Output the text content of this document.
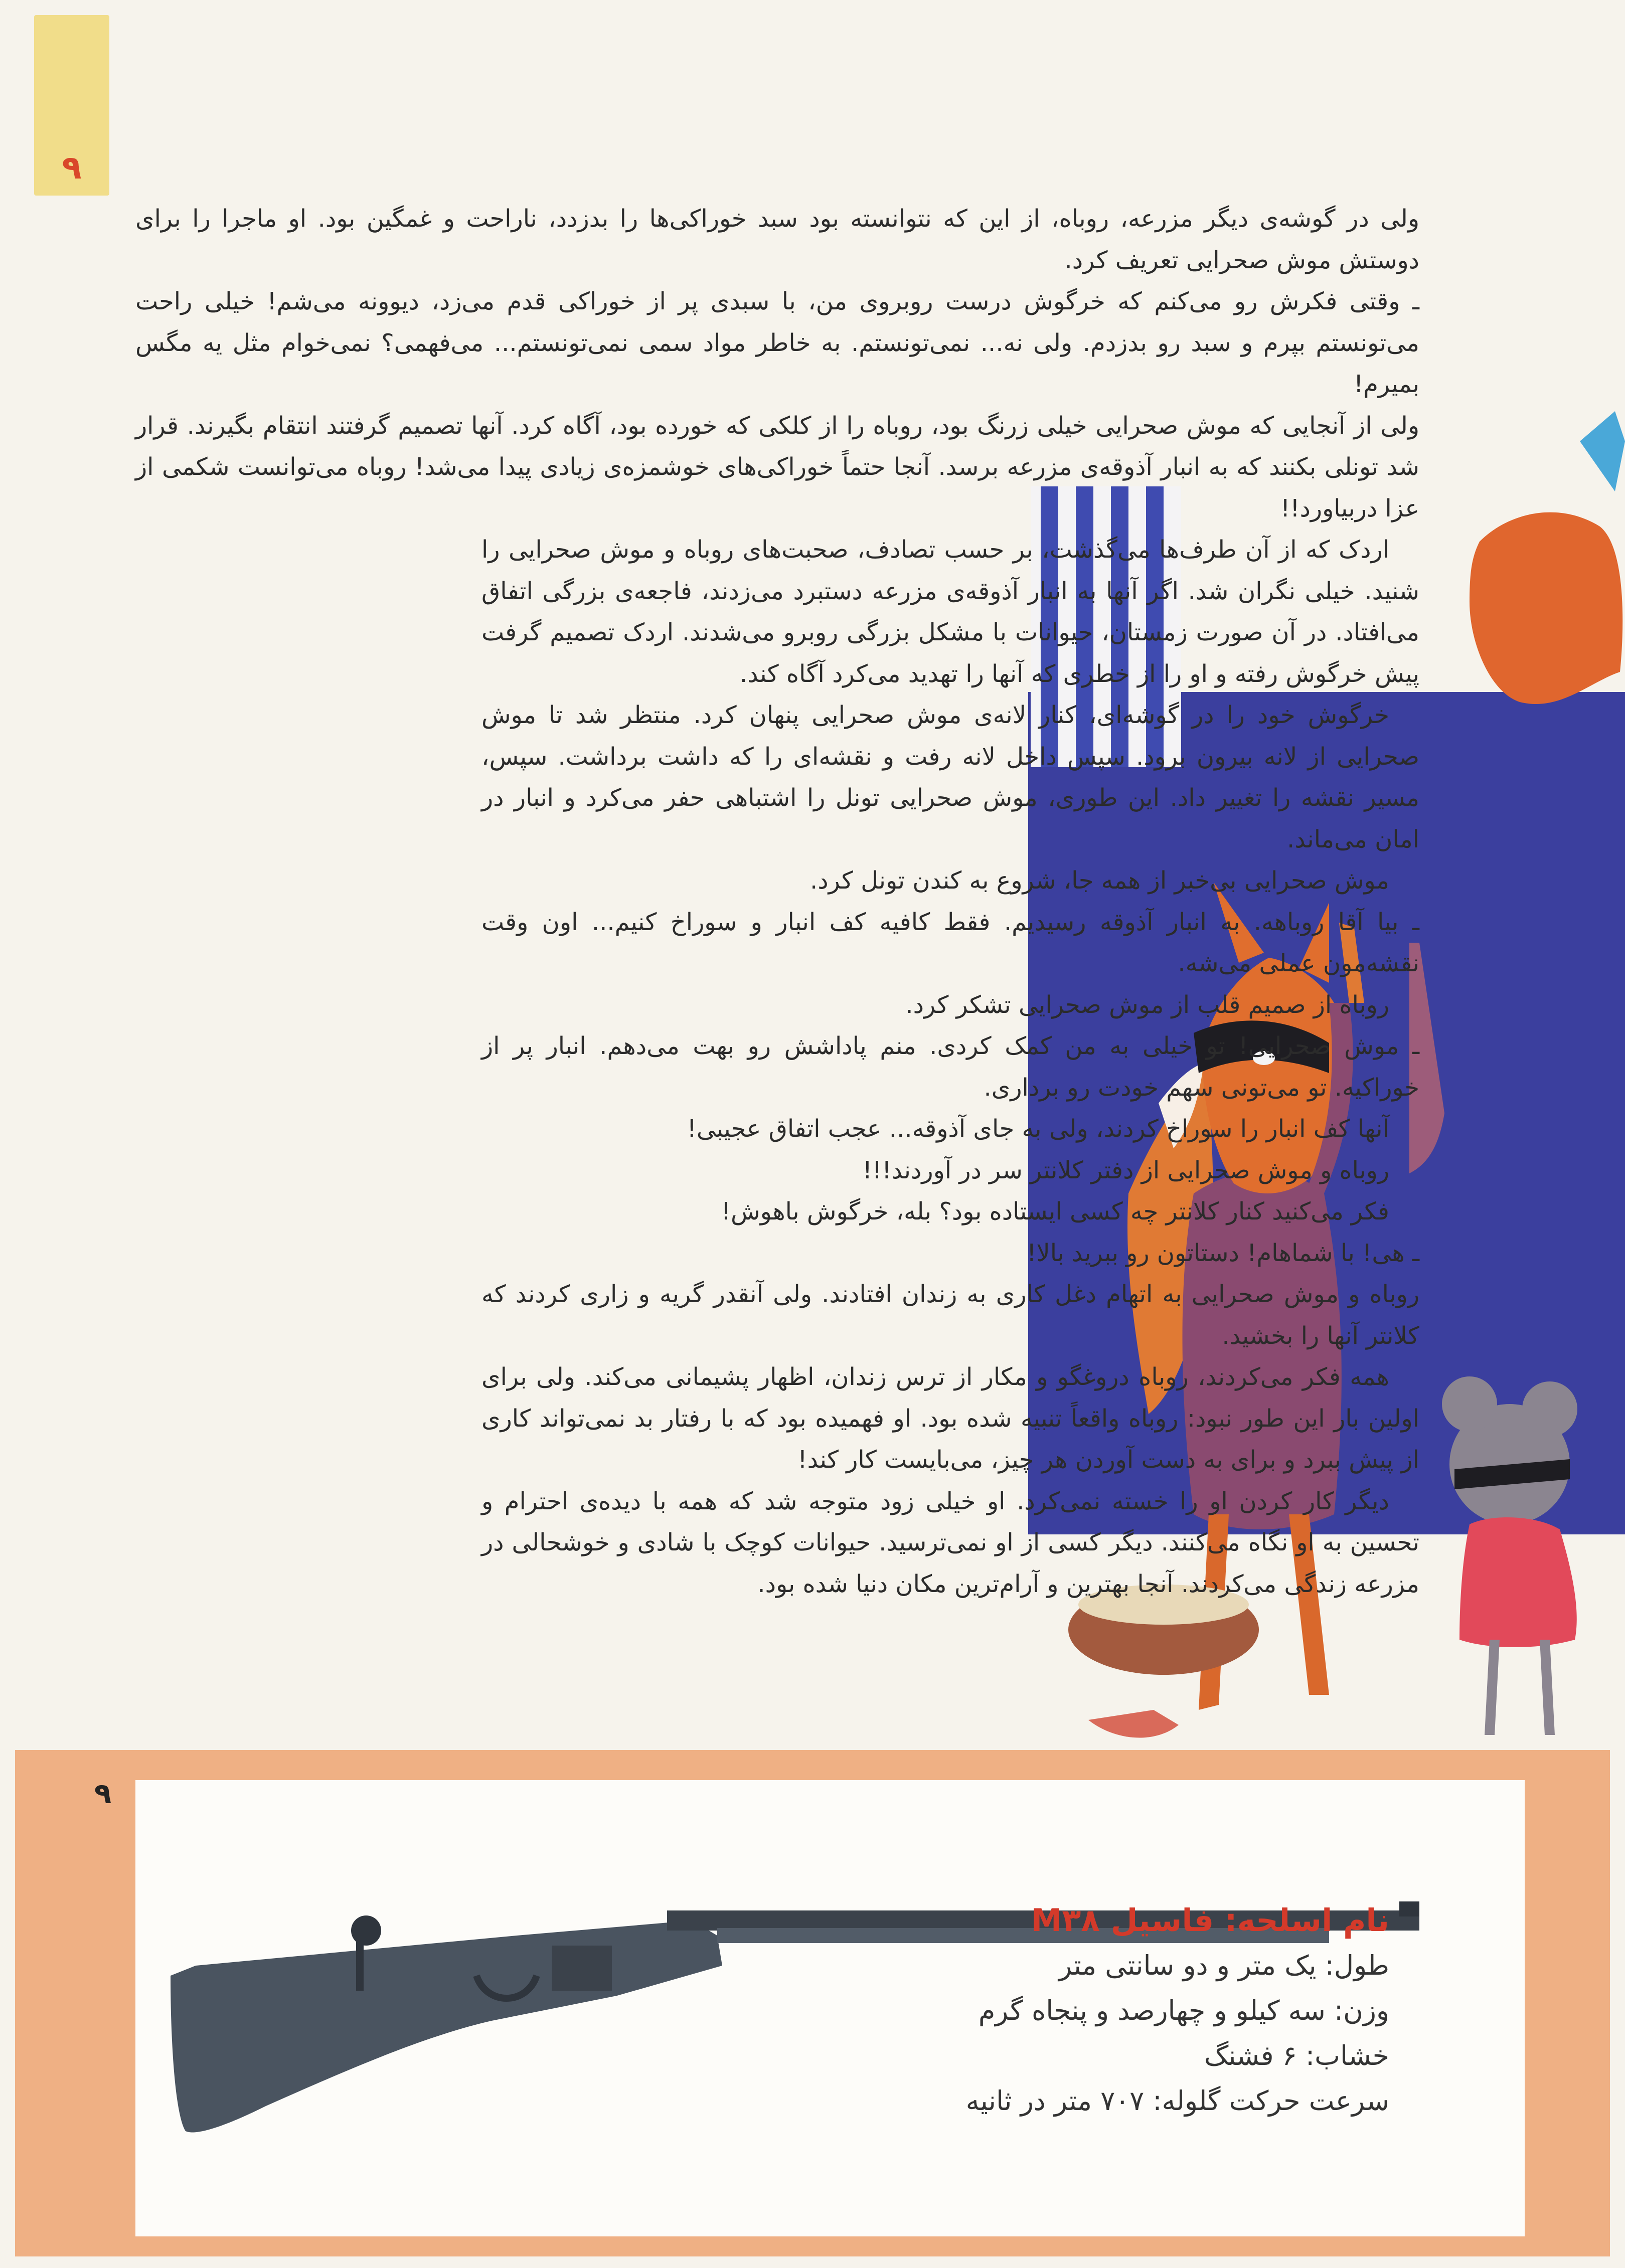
۹

ولی در گوشه‌ی دیگر مزرعه، روباه، از این که نتوانسته بود سبد خوراکی‌ها را بدزدد، ناراحت و غمگین بود. او ماجرا را برای دوستش موش صحرایی تعریف کرد.

ـ وقتی فکرش رو می‌کنم که خرگوش درست روبروی من، با سبدی پر از خوراکی قدم می‌زد، دیوونه می‌شم! خیلی راحت می‌تونستم بپرم و سبد رو بدزدم. ولی نه... نمی‌تونستم. به خاطر مواد سمی نمی‌تونستم... می‌فهمی؟ نمی‌خوام مثل یه مگس بمیرم!

ولی از آنجایی که موش صحرایی خیلی زرنگ بود، روباه را از کلکی که خورده بود، آگاه کرد. آنها تصمیم گرفتند انتقام بگیرند. قرار شد تونلی بکنند که به انبار آذوقه‌ی مزرعه برسد. آنجا حتماً خوراکی‌های خوشمزه‌ی زیادی پیدا می‌شد! روباه می‌توانست شکمی از عزا دربیاورد!!

اردک که از آن طرف‌ها می‌گذشت، بر حسب تصادف، صحبت‌های روباه و موش صحرایی را شنید. خیلی نگران شد. اگر آنها به انبار آذوقه‌ی مزرعه دستبرد می‌زدند، فاجعه‌ی بزرگی اتفاق می‌افتاد. در آن صورت زمستان، حیوانات با مشکل بزرگی روبرو می‌شدند. اردک تصمیم گرفت پیش خرگوش رفته و او را از خطری که آنها را تهدید می‌کرد آگاه کند.

خرگوش خود را در گوشه‌ای، کنار لانه‌ی موش صحرایی پنهان کرد. منتظر شد تا موش صحرایی از لانه بیرون برود. سپس داخل لانه رفت و نقشه‌ای را که داشت برداشت. سپس، مسیر نقشه را تغییر داد. این طوری، موش صحرایی تونل را اشتباهی حفر می‌کرد و انبار در امان می‌ماند.

موش صحرایی بی‌خبر از همه جا، شروع به کندن تونل کرد.

ـ بیا آقا روباهه. به انبار آذوقه رسیدیم. فقط کافیه کف انبار و سوراخ کنیم... اون وقت نقشه‌مون عملی می‌شه.

روباه از صمیم قلب از موش صحرایی تشکر کرد.

ـ موش صحرایی! تو خیلی به من کمک کردی. منم پاداشش رو بهت می‌دهم. انبار پر از خوراکیه. تو می‌تونی سهم خودت رو برداری.

آنها کف انبار را سوراخ کردند، ولی به جای آذوقه... عجب اتفاق عجیبی!

روباه و موش صحرایی از دفتر کلانتر سر در آوردند!!!

فکر می‌کنید کنار کلانتر چه کسی ایستاده بود؟ بله، خرگوش باهوش!

ـ هی! با شماهام! دستاتون رو ببرید بالا!

روباه و موش صحرایی به اتهام دغل کاری به زندان افتادند. ولی آنقدر گریه و زاری کردند که کلانتر آنها را بخشید.

همه فکر می‌کردند، روباه دروغگو و مکار از ترس زندان، اظهار پشیمانی می‌کند. ولی برای اولین بار این طور نبود: روباه واقعاً تنبیه شده بود. او فهمیده بود که با رفتار بد نمی‌تواند کاری از پیش ببرد و برای به دست آوردن هر چیز، می‌بایست کار کند!

دیگر کار کردن او را خسته نمی‌کرد. او خیلی زود متوجه شد که همه با دیده‌ی احترام و تحسین به او نگاه می‌کنند. دیگر کسی از او نمی‌ترسید. حیوانات کوچک با شادی و خوشحالی در مزرعه زندگی می‌کردند. آنجا بهترین و آرام‌ترین مکان دنیا شده بود.

۹
نام اسلحه: فاسیل M۳۸
طول: یک متر و دو سانتی متر
وزن: سه کیلو و چهارصد و پنجاه گرم
خشاب: ۶ فشنگ
سرعت حرکت گلوله: ۷۰۷ متر در ثانیه
